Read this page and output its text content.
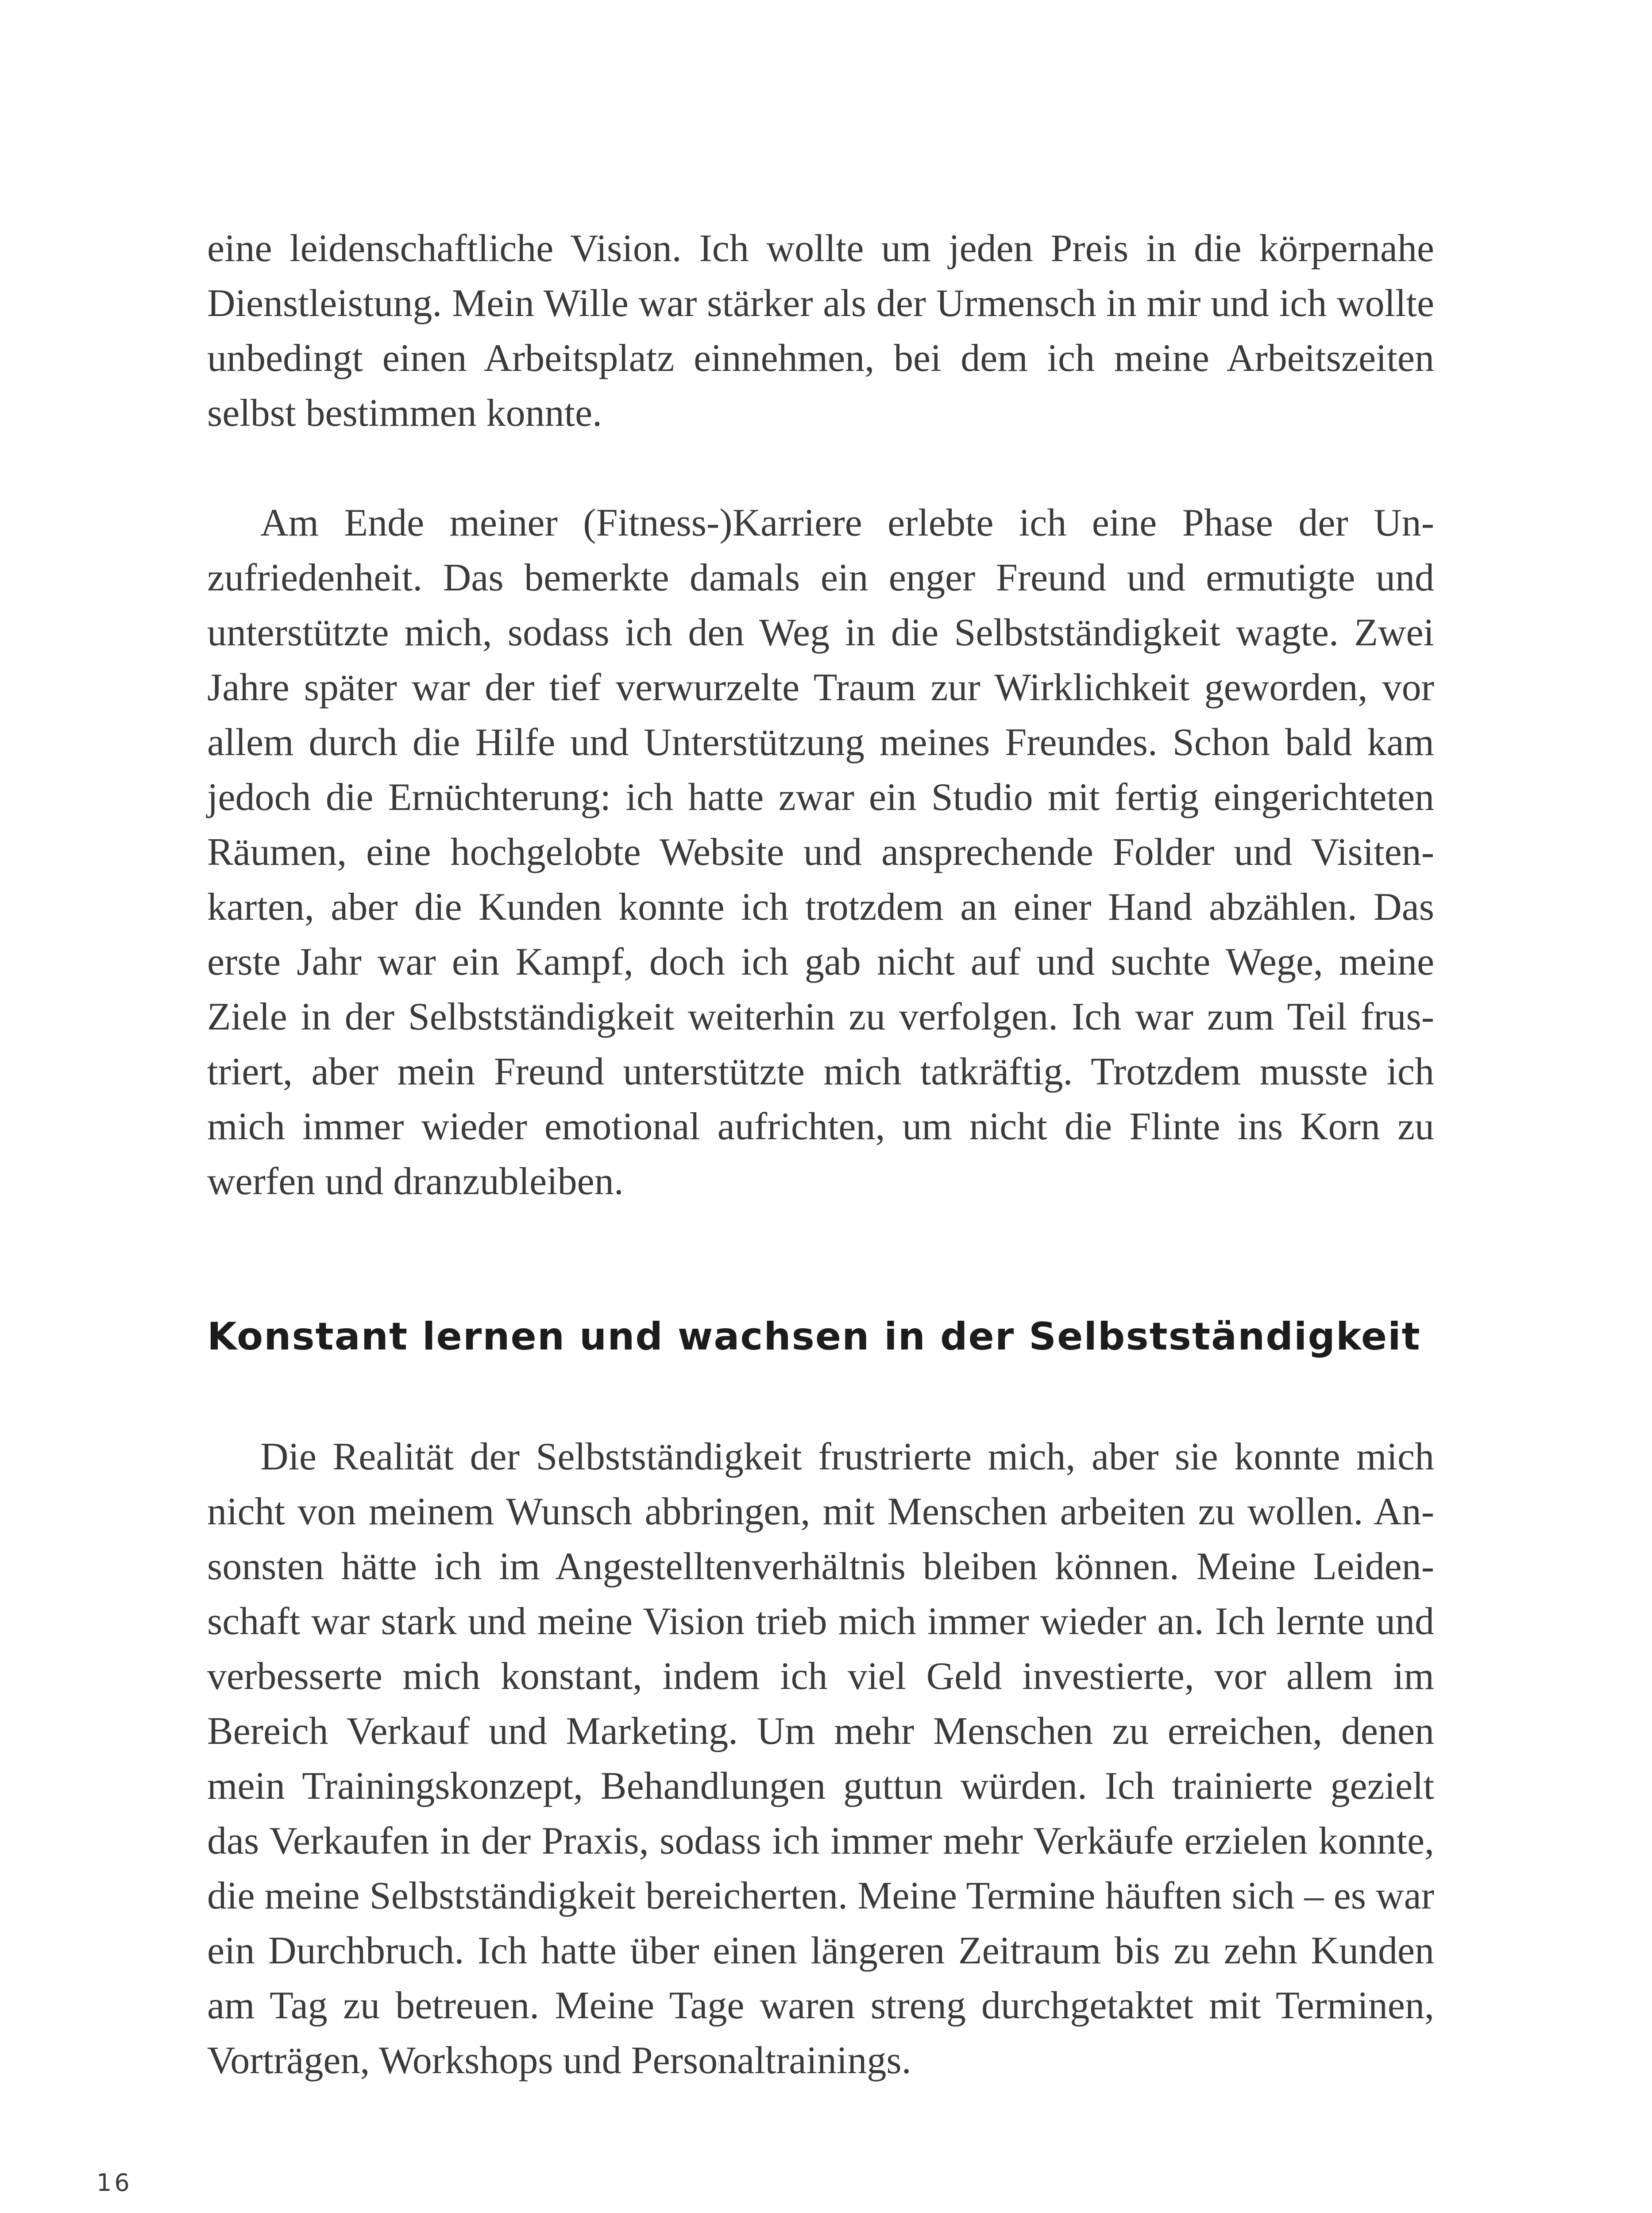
eine leidenschaftliche Vision. Ich wollte um jeden Preis in die körpernahe Dienstleistung. Mein Wille war stärker als der Urmensch in mir und ich wollte unbedingt einen Arbeitsplatz einnehmen, bei dem ich meine Arbeitszeiten selbst bestimmen konnte.

Am Ende meiner (Fitness-)Karriere erlebte ich eine Phase der Unzufriedenheit. Das bemerkte damals ein enger Freund und ermutigte und unterstützte mich, sodass ich den Weg in die Selbstständigkeit wagte. Zwei Jahre später war der tief verwurzelte Traum zur Wirklichkeit geworden, vor allem durch die Hilfe und Unterstützung meines Freundes. Schon bald kam jedoch die Ernüchterung: ich hatte zwar ein Studio mit fertig eingerichteten Räumen, eine hochgelobte Website und ansprechende Folder und Visitenkarten, aber die Kunden konnte ich trotzdem an einer Hand abzählen. Das erste Jahr war ein Kampf, doch ich gab nicht auf und suchte Wege, meine Ziele in der Selbstständigkeit weiterhin zu verfolgen. Ich war zum Teil frustriert, aber mein Freund unterstützte mich tatkräftig. Trotzdem musste ich mich immer wieder emotional aufrichten, um nicht die Flinte ins Korn zu werfen und dranzubleiben.

Konstant lernen und wachsen in der Selbstständigkeit

Die Realität der Selbstständigkeit frustrierte mich, aber sie konnte mich nicht von meinem Wunsch abbringen, mit Menschen arbeiten zu wollen. Ansonsten hätte ich im Angestelltenverhältnis bleiben können. Meine Leidenschaft war stark und meine Vision trieb mich immer wieder an. Ich lernte und verbesserte mich konstant, indem ich viel Geld investierte, vor allem im Bereich Verkauf und Marketing. Um mehr Menschen zu erreichen, denen mein Trainingskonzept, Behandlungen guttun würden. Ich trainierte gezielt das Verkaufen in der Praxis, sodass ich immer mehr Verkäufe erzielen konnte, die meine Selbstständigkeit bereicherten. Meine Termine häuften sich – es war ein Durchbruch. Ich hatte über einen längeren Zeitraum bis zu zehn Kunden am Tag zu betreuen. Meine Tage waren streng durchgetaktet mit Terminen, Vorträgen, Workshops und Personaltrainings.

16
